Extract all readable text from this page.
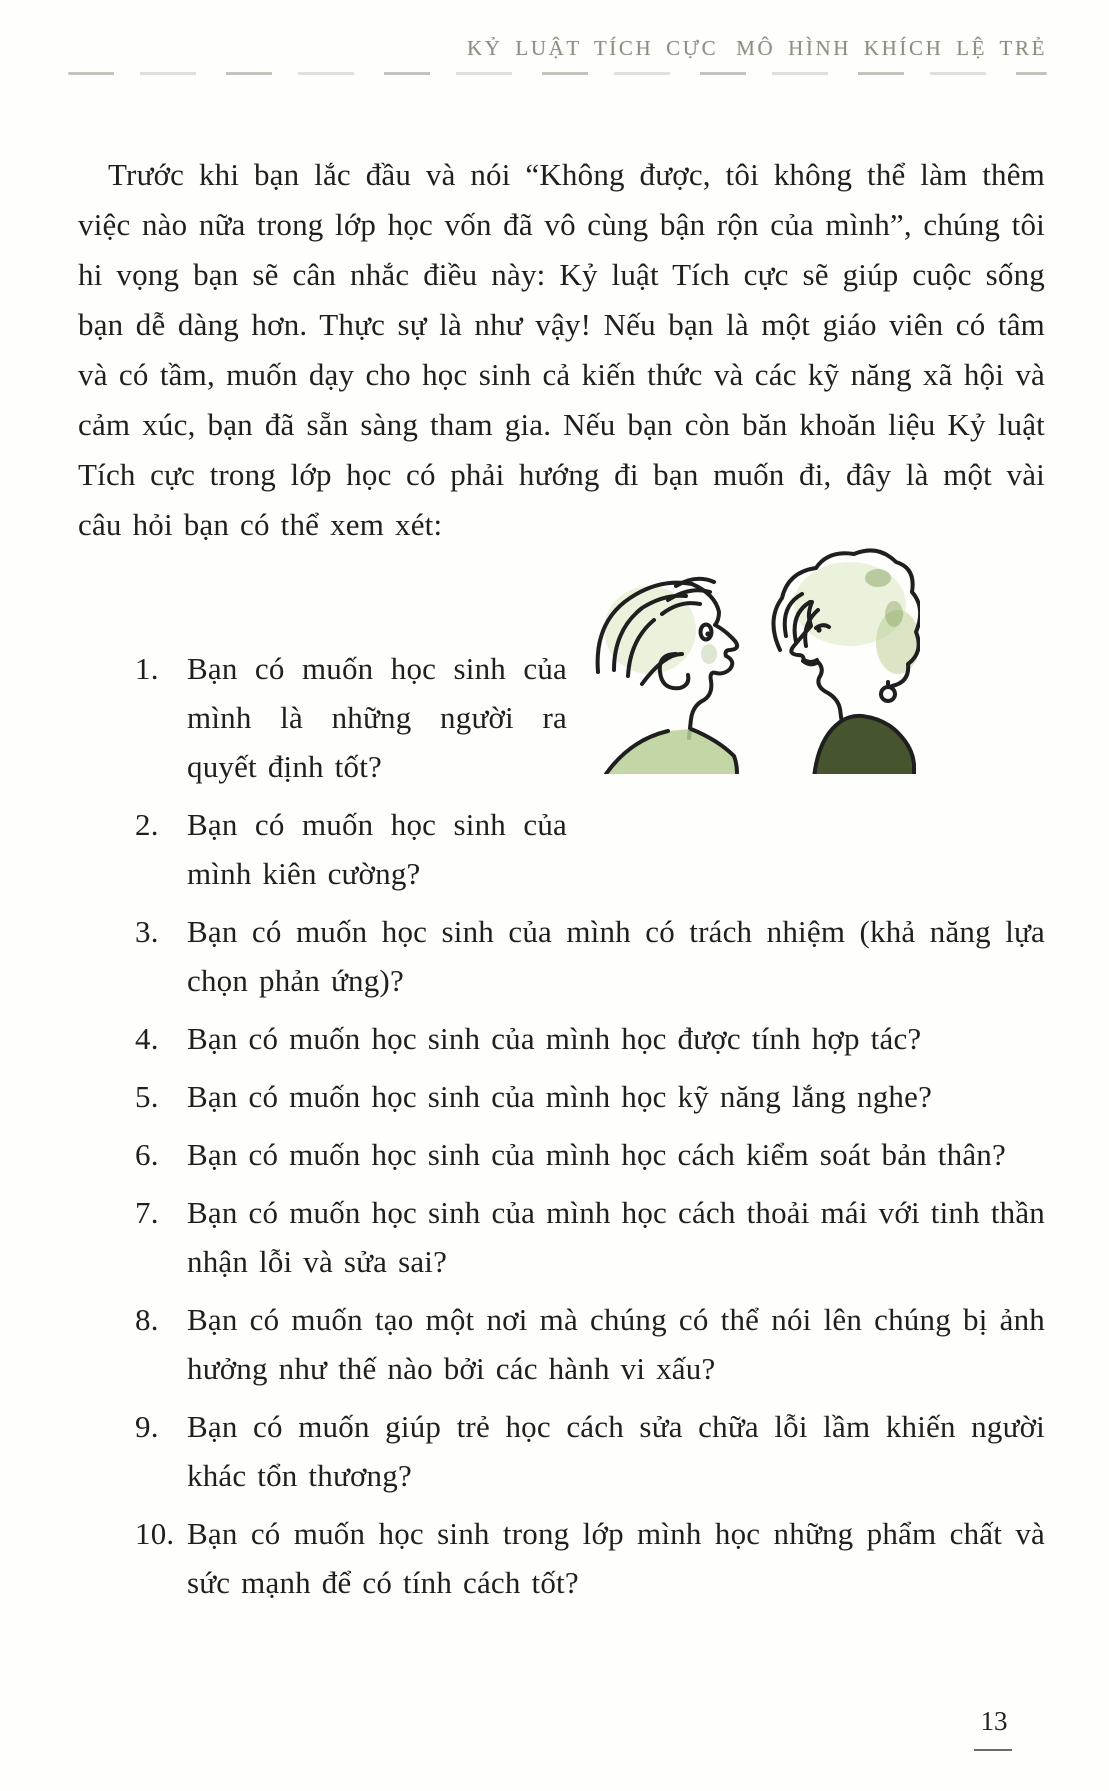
KỶ LUẬT TÍCH CỰC MÔ HÌNH KHÍCH LỆ TRẺ
Trước khi bạn lắc đầu và nói “Không được, tôi không thể làm thêm việc nào nữa trong lớp học vốn đã vô cùng bận rộn của mình”, chúng tôi hi vọng bạn sẽ cân nhắc điều này: Kỷ luật Tích cực sẽ giúp cuộc sống bạn dễ dàng hơn. Thực sự là như vậy! Nếu bạn là một giáo viên có tâm và có tầm, muốn dạy cho học sinh cả kiến thức và các kỹ năng xã hội và cảm xúc, bạn đã sẵn sàng tham gia. Nếu bạn còn băn khoăn liệu Kỷ luật Tích cực trong lớp học có phải hướng đi bạn muốn đi, đây là một vài câu hỏi bạn có thể xem xét:
1. Bạn có muốn học sinh của mình là những người ra quyết định tốt?
2. Bạn có muốn học sinh của mình kiên cường?
3. Bạn có muốn học sinh của mình có trách nhiệm (khả năng lựa chọn phản ứng)?
4. Bạn có muốn học sinh của mình học được tính hợp tác?
5. Bạn có muốn học sinh của mình học kỹ năng lắng nghe?
6. Bạn có muốn học sinh của mình học cách kiểm soát bản thân?
7. Bạn có muốn học sinh của mình học cách thoải mái với tinh thần nhận lỗi và sửa sai?
8. Bạn có muốn tạo một nơi mà chúng có thể nói lên chúng bị ảnh hưởng như thế nào bởi các hành vi xấu?
9. Bạn có muốn giúp trẻ học cách sửa chữa lỗi lầm khiến người khác tổn thương?
10. Bạn có muốn học sinh trong lớp mình học những phẩm chất và sức mạnh để có tính cách tốt?
13
